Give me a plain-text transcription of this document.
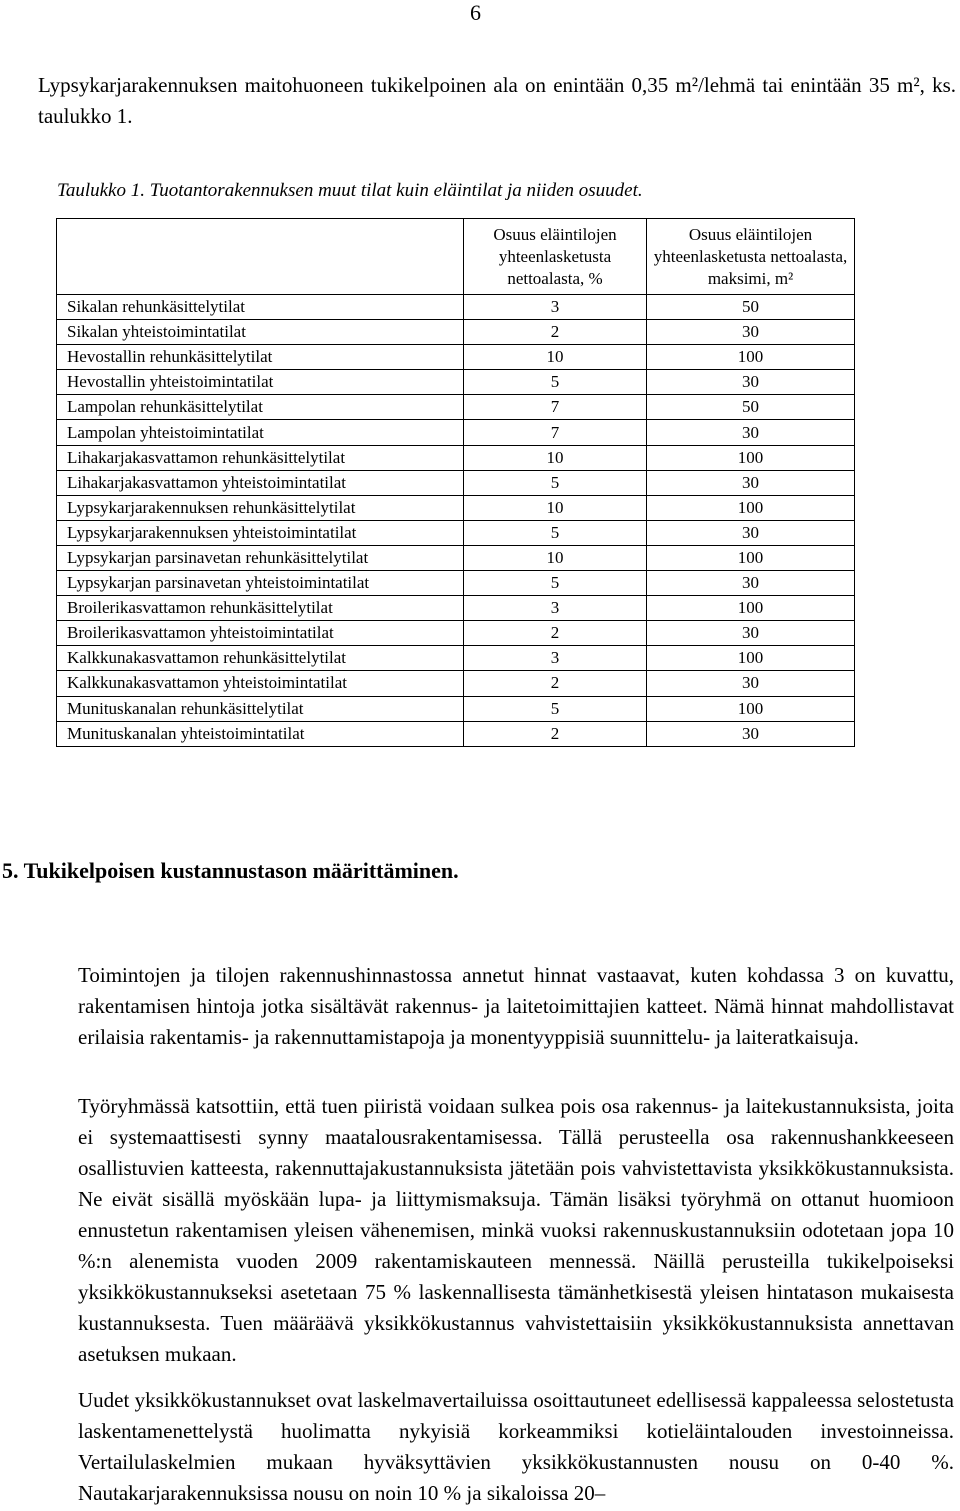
6

Lypsykarjarakennuksen maitohuoneen tukikelpoinen ala on enintään 0,35 m²/lehmä tai enintään 35 m², ks. taulukko 1.

Taulukko 1. Tuotantorakennuksen muut tilat kuin eläintilat ja niiden osuudet.
	Osuus eläintilojen yhteenlasketusta nettoalasta, %	Osuus eläintilojen yhteenlasketusta nettoalasta, maksimi, m²
Sikalan rehunkäsittelytilat	3	50
Sikalan yhteistoimintatilat	2	30
Hevostallin rehunkäsittelytilat	10	100
Hevostallin yhteistoimintatilat	5	30
Lampolan rehunkäsittelytilat	7	50
Lampolan yhteistoimintatilat	7	30
Lihakarjakasvattamon rehunkäsittelytilat	10	100
Lihakarjakasvattamon yhteistoimintatilat	5	30
Lypsykarjarakennuksen rehunkäsittelytilat	10	100
Lypsykarjarakennuksen yhteistoimintatilat	5	30
Lypsykarjan parsinavetan rehunkäsittelytilat	10	100
Lypsykarjan parsinavetan yhteistoimintatilat	5	30
Broilerikasvattamon rehunkäsittelytilat	3	100
Broilerikasvattamon yhteistoimintatilat	2	30
Kalkkunakasvattamon rehunkäsittelytilat	3	100
Kalkkunakasvattamon yhteistoimintatilat	2	30
Munituskanalan rehunkäsittelytilat	5	100
Munituskanalan yhteistoimintatilat	2	30
5. Tukikelpoisen kustannustason määrittäminen.

Toimintojen ja tilojen rakennushinnastossa annetut hinnat vastaavat, kuten kohdassa 3 on kuvattu, rakentamisen hintoja jotka sisältävät rakennus- ja laitetoimittajien katteet. Nämä hinnat mahdollistavat erilaisia rakentamis- ja rakennuttamistapoja ja monentyyppisiä suunnittelu- ja laiteratkaisuja.

Työryhmässä katsottiin, että tuen piiristä voidaan sulkea pois osa rakennus- ja laitekustannuksista, joita ei systemaattisesti synny maatalousrakentamisessa. Tällä perusteella osa rakennushankkeeseen osallistuvien katteesta, rakennuttajakustannuksista jätetään pois vahvistettavista yksikkökustannuksista. Ne eivät sisällä myöskään lupa- ja liittymismaksuja. Tämän lisäksi työryhmä on ottanut huomioon ennustetun rakentamisen yleisen vähenemisen, minkä vuoksi rakennuskustannuksiin odotetaan jopa 10 %:n alenemista vuoden 2009 rakentamiskauteen mennessä. Näillä perusteilla tukikelpoiseksi yksikkökustannukseksi asetetaan 75 % laskennallisesta tämänhetkisestä yleisen hintatason mukaisesta kustannuksesta. Tuen määräävä yksikkökustannus vahvistettaisiin yksikkökustannuksista annettavan asetuksen mukaan.

Uudet yksikkökustannukset ovat laskelmavertailuissa osoittautuneet edellisessä kappaleessa selostetusta laskentamenettelystä huolimatta nykyisiä korkeammiksi kotieläintalouden investoinneissa. Vertailulaskelmien mukaan hyväksyttävien yksikkökustannusten nousu on 0-40 %. Nautakarjarakennuksissa nousu on noin 10 % ja sikaloissa 20–
